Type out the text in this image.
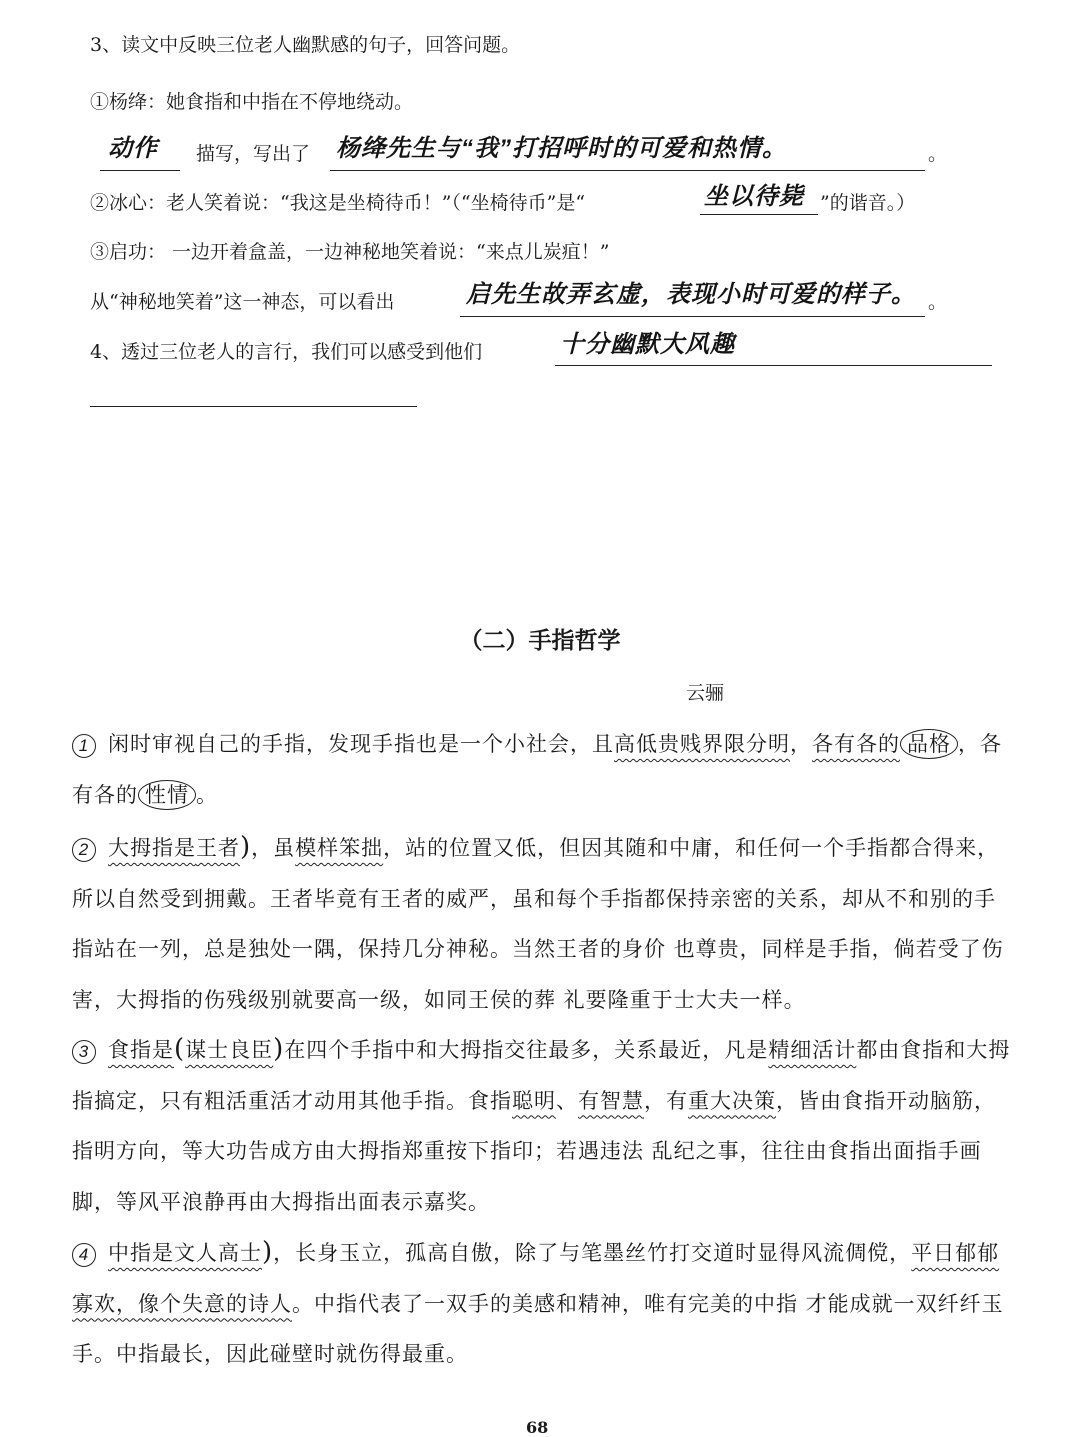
3、读文中反映三位老人幽默感的句子，回答问题。
①杨绛：她食指和中指在不停地绕动。
动作 描写，写出了 杨绛先生与“我”打招呼时的可爱和热情。	。
②冰心：老人笑着说：“我这是坐椅待币！”（“坐椅待币”是“	坐以待毙 ”的谐音。）
③启功： 一边开着盒盖，一边神秘地笑着说：“来点儿炭疽！”
从“神秘地笑着”这一神态，可以看出	启先生故弄玄虚，表现小时可爱的样子。 。
4、透过三位老人的言行，我们可以感受到他们	十分幽默大风趣
（二）手指哲学
云骊
1 闲时审视自己的手指，发现手指也是一个小社会，且高低贵贱界限分明，各有各的 品格 ，各有各的 性情 。
2 大拇指是王者)，虽模样笨拙，站的位置又低，但因其随和中庸，和任何一个手指都合得来，所以自然受到拥戴。王者毕竟有王者的威严，虽和每个手指都保持亲密的关系，却从不和别的手指站在一列，总是独处一隅，保持几分神秘。当然王者的身价 也尊贵，同样是手指，倘若受了伤害，大拇指的伤残级别就要高一级，如同王侯的葬 礼要隆重于士大夫一样。
3 食指是(谋士良臣)在四个手指中和大拇指交往最多，关系最近，凡是精细活计都由食指和大拇指搞定，只有粗活重活才动用其他手指。食指聪明、有智慧，有重大决策，皆由食指开动脑筋，指明方向，等大功告成方由大拇指郑重按下指印；若遇违法 乱纪之事，往往由食指出面指手画脚，等风平浪静再由大拇指出面表示嘉奖。
4 中指是文人高士)，长身玉立，孤高自傲，除了与笔墨丝竹打交道时显得风流倜傥，平日郁郁寡欢，像个失意的诗人。中指代表了一双手的美感和精神，唯有完美的中指 才能成就一双纤纤玉手。中指最长，因此碰壁时就伤得最重。
68
